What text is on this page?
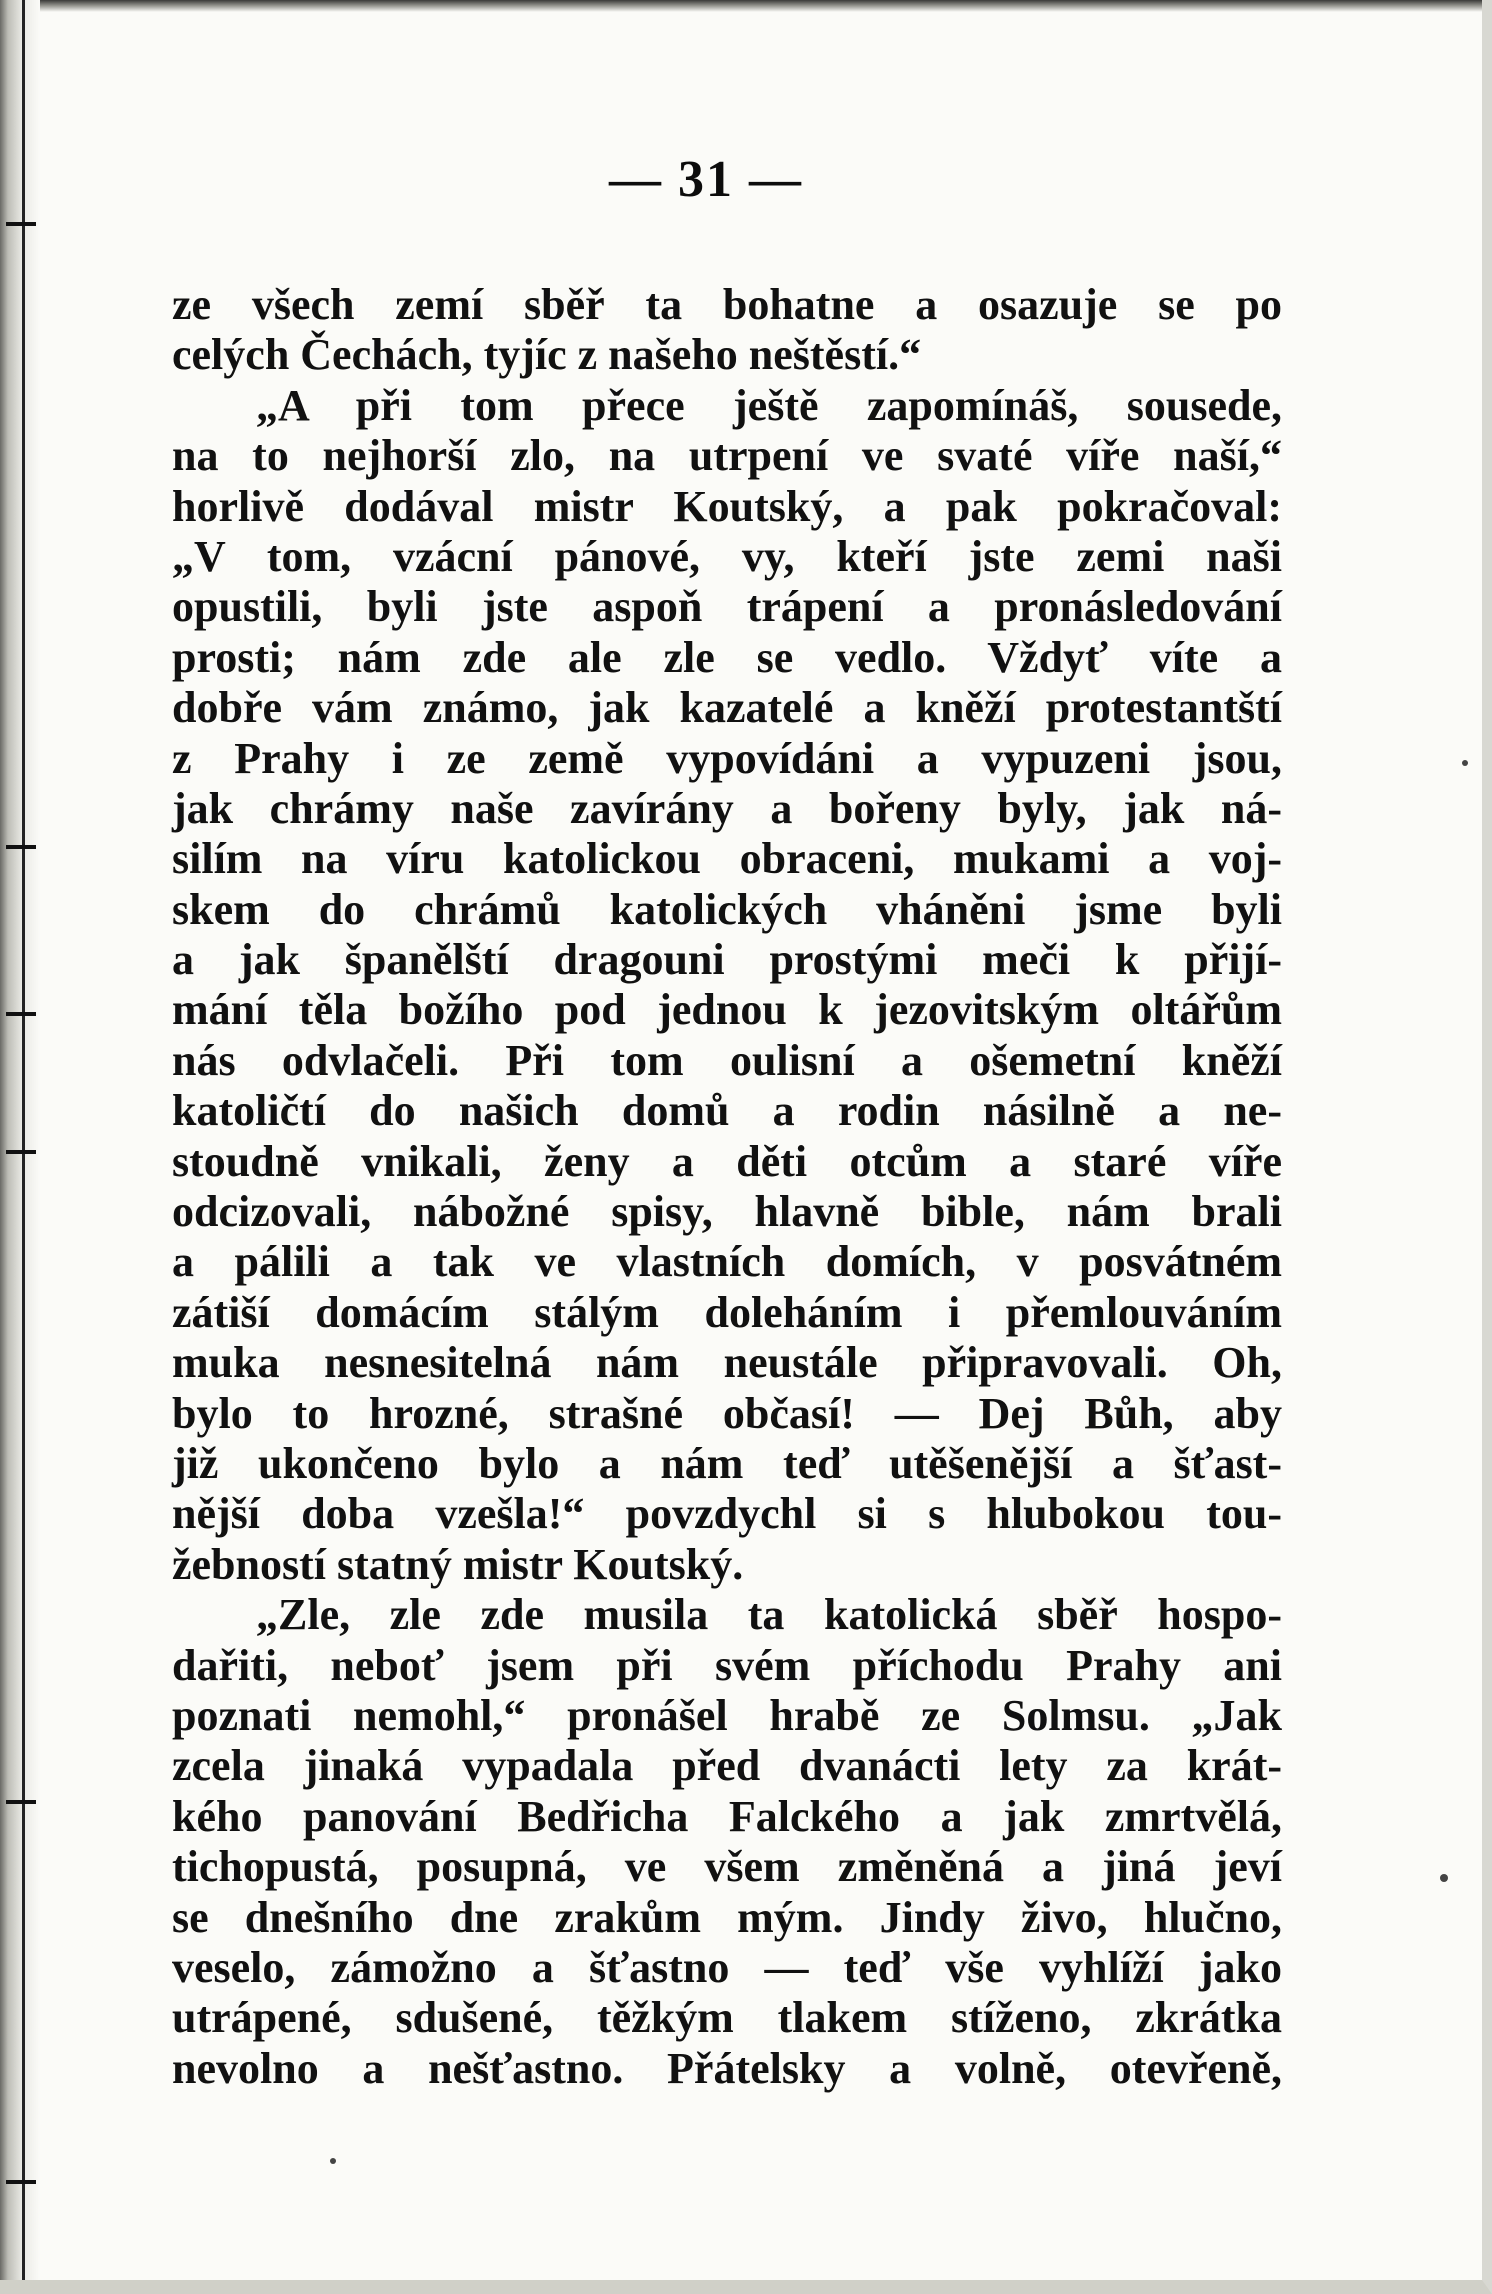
— 31 —
ze všech zemí sběř ta bohatne a osazuje se po
celých Čechách, tyjíc z našeho neštěstí.“
„A při tom přece ještě zapomínáš, sousede,
na to nejhorší zlo, na utrpení ve svaté víře naší,“
horlivě dodával mistr Koutský, a pak pokračoval:
„V tom, vzácní pánové, vy, kteří jste zemi naši
opustili, byli jste aspoň trápení a pronásledování
prosti; nám zde ale zle se vedlo. Vždyť víte a
dobře vám známo, jak kazatelé a kněží protestantští
z Prahy i ze země vypovídáni a vypuzeni jsou,
jak chrámy naše zavírány a bořeny byly, jak ná-
silím na víru katolickou obraceni, mukami a voj-
skem do chrámů katolických vháněni jsme byli
a jak španělští dragouni prostými meči k přijí-
mání těla božího pod jednou k jezovitským oltářům
nás odvlačeli. Při tom oulisní a ošemetní kněží
katoličtí do našich domů a rodin násilně a ne-
stoudně vnikali, ženy a děti otcům a staré víře
odcizovali, nábožné spisy, hlavně bible, nám brali
a pálili a tak ve vlastních domích, v posvátném
zátiší domácím stálým doleháním i přemlouváním
muka nesnesitelná nám neustále připravovali. Oh,
bylo to hrozné, strašné občasí! — Dej Bůh, aby
již ukončeno bylo a nám teď utěšenější a šťast-
nější doba vzešla!“ povzdychl si s hlubokou tou-
žebností statný mistr Koutský.
„Zle, zle zde musila ta katolická sběř hospo-
dařiti, neboť jsem při svém příchodu Prahy ani
poznati nemohl,“ pronášel hrabě ze Solmsu. „Jak
zcela jinaká vypadala před dvanácti lety za krát-
kého panování Bedřicha Falckého a jak zmrtvělá,
tichopustá, posupná, ve všem změněná a jiná jeví
se dnešního dne zrakům mým. Jindy živo, hlučno,
veselo, zámožno a šťastno — teď vše vyhlíží jako
utrápené, sdušené, těžkým tlakem stíženo, zkrátka
nevolno a nešťastno. Přátelsky a volně, otevřeně,
